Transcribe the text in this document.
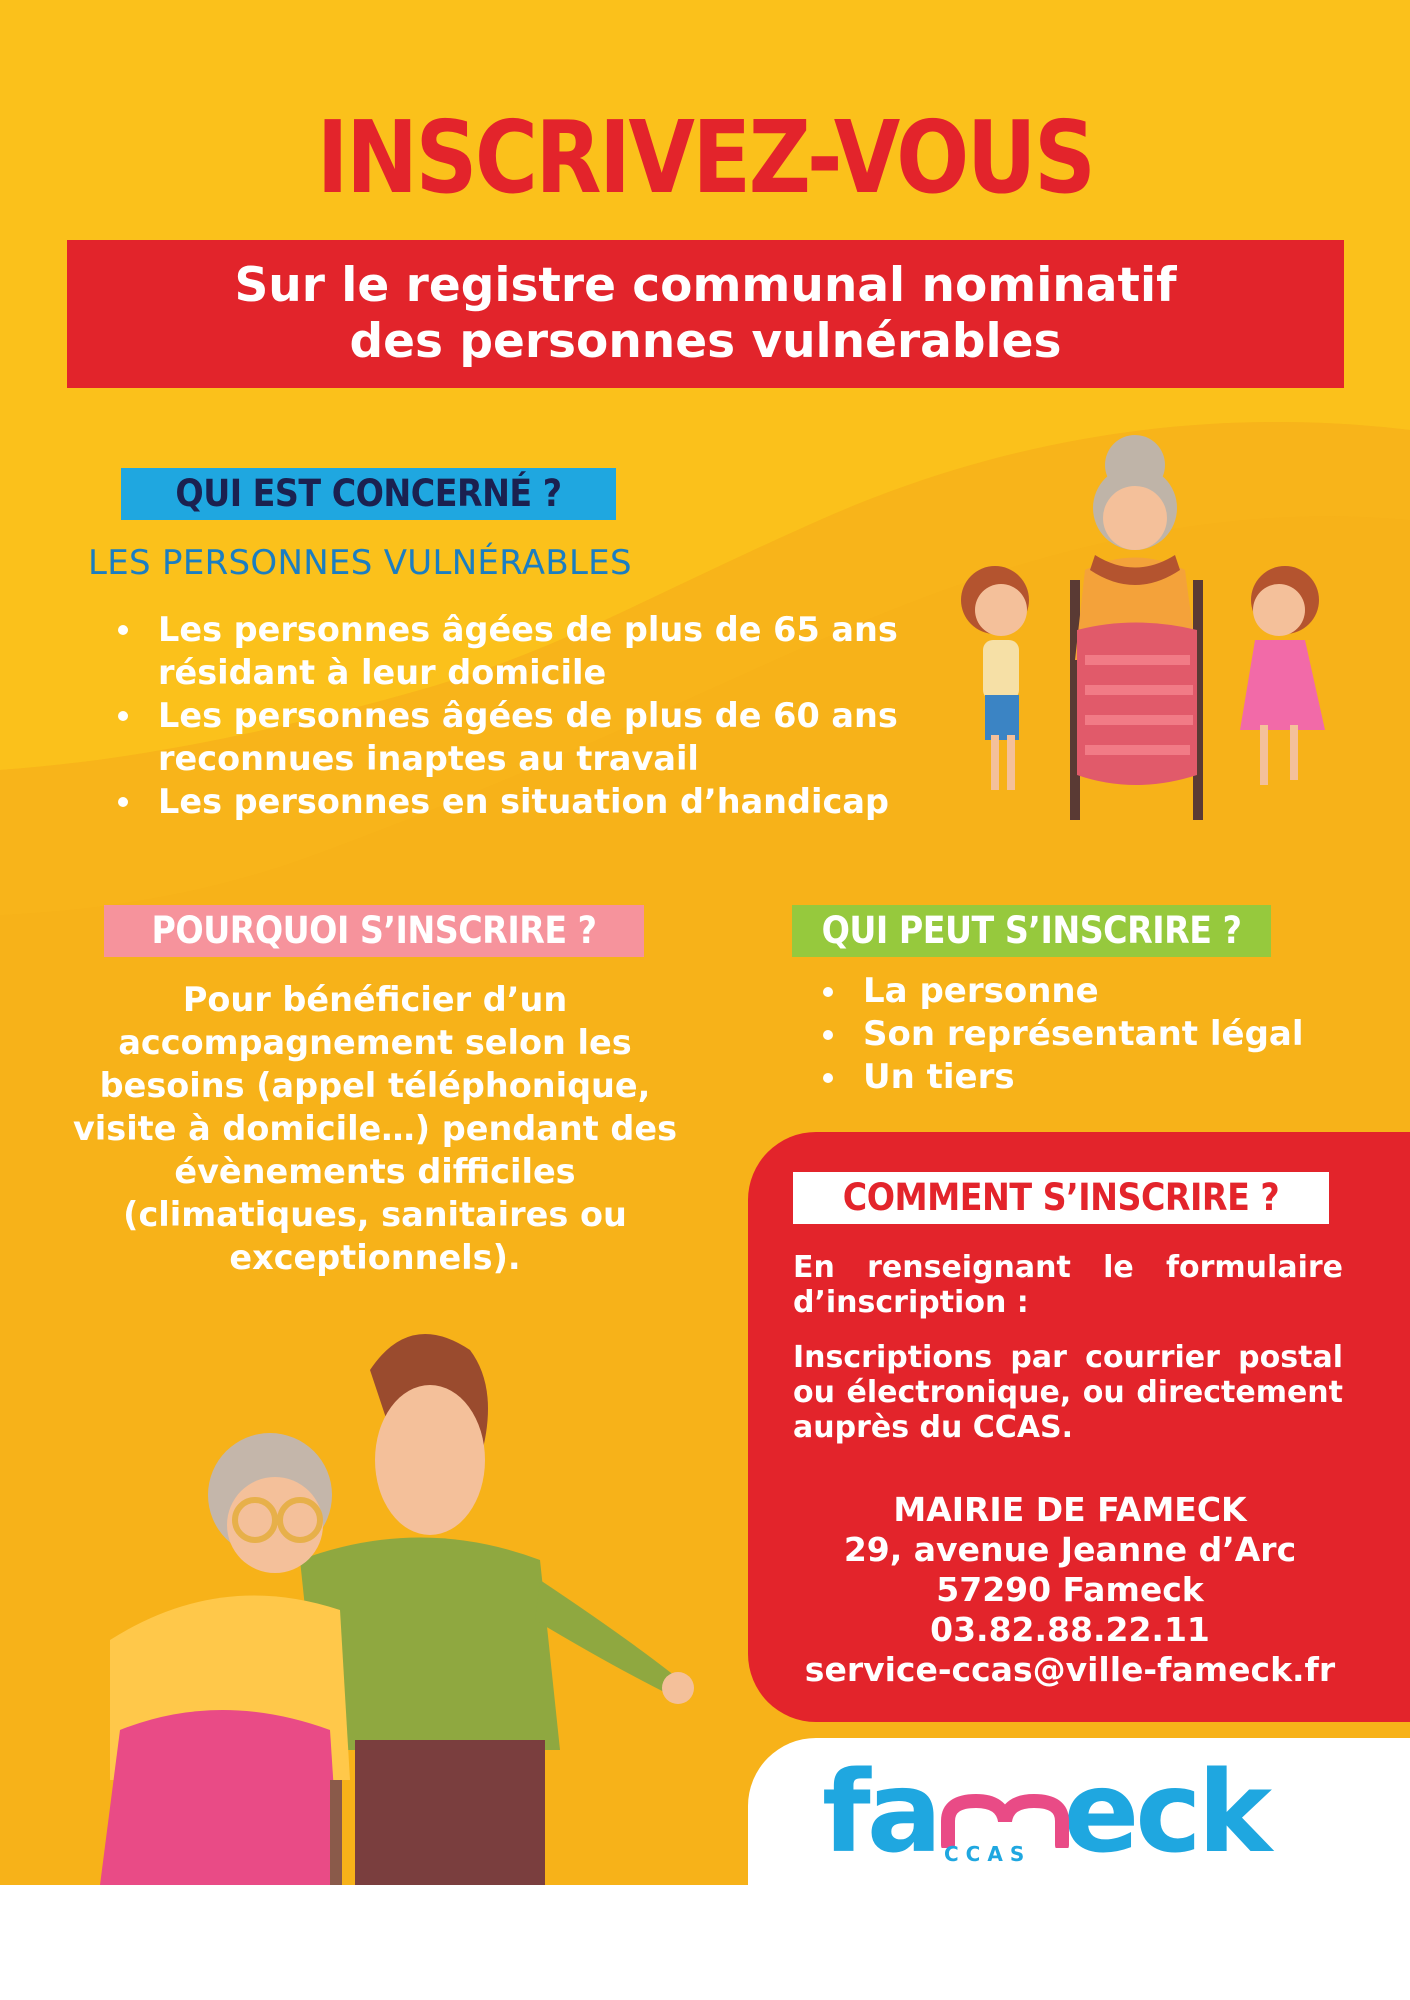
INSCRIVEZ-VOUS
Sur le registre communal nominatif
des personnes vulnérables
QUI EST CONCERNÉ ?
LES PERSONNES VULNÉRABLES
Les personnes âgées de plus de 65 ans
résidant à leur domicile
Les personnes âgées de plus de 60 ans
reconnues inaptes au travail
Les personnes en situation d’handicap
POURQUOI S’INSCRIRE ?

Pour bénéficier d’un
accompagnement selon les
besoins (appel téléphonique,
visite à domicile…) pendant des
évènements difficiles
(climatiques, sanitaires ou
exceptionnels).

QUI PEUT S’INSCRIRE ?
La personne
Son représentant légal
Un tiers
COMMENT S’INSCRIRE ?

En renseignant le formulaire d’inscription :

Inscriptions par courrier postal ou électronique, ou directement auprès du CCAS.

MAIRIE DE FAMECK
29, avenue Jeanne d’Arc
57290 Fameck
03.82.88.22.11
service-ccas@ville-fameck.fr
fa eck
CCAS
